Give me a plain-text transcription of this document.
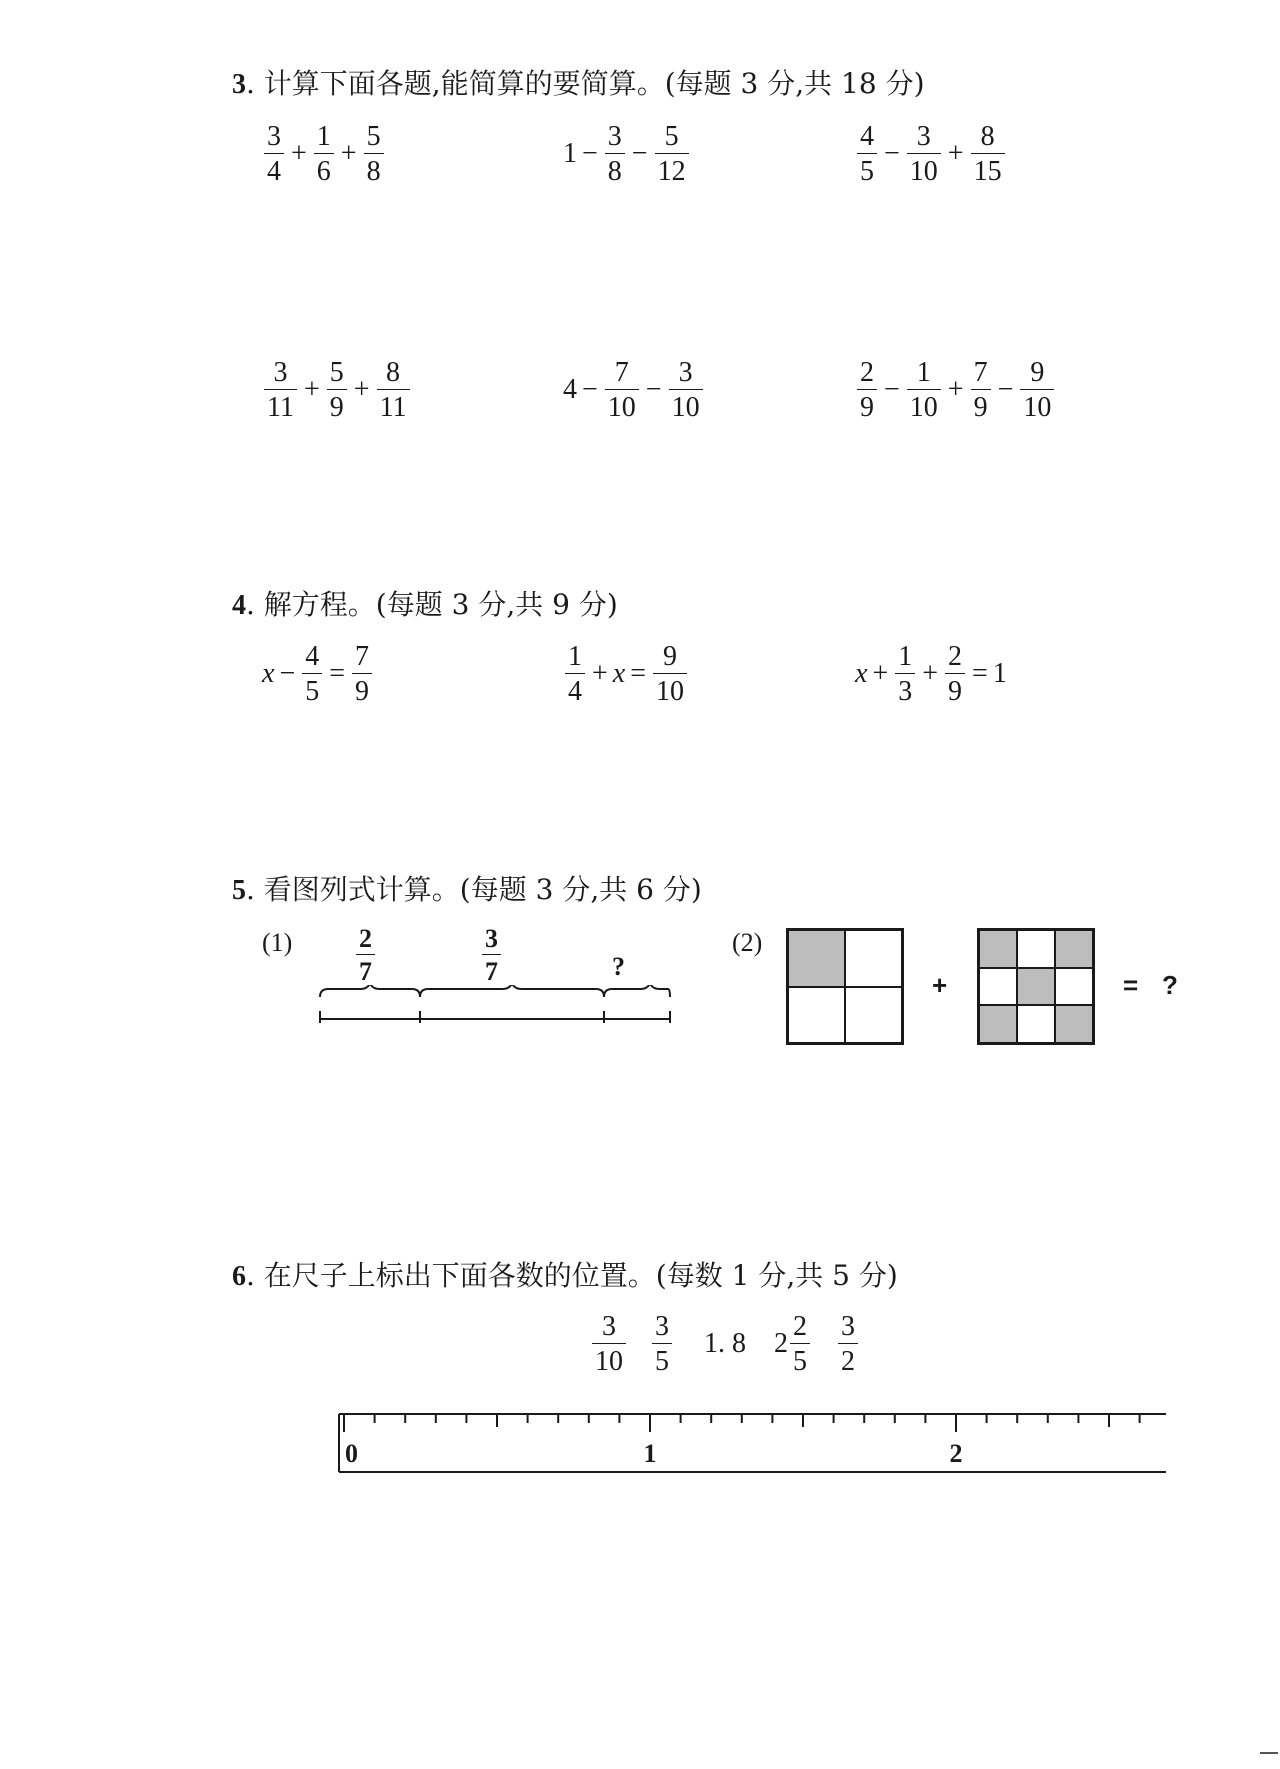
3. 计算下面各题,能简算的要简算。(每题 3 分,共 18 分)
$\frac{3}{4} + \frac{1}{6} + \frac{5}{8}$	$1 - \frac{3}{8} - \frac{5}{12}$	$\frac{4}{5} - \frac{3}{10} + \frac{8}{15}$
$\frac{3}{11} + \frac{5}{9} + \frac{8}{11}$	$4 - \frac{7}{10} - \frac{3}{10}$	$\frac{2}{9} - \frac{1}{10} + \frac{7}{9} - \frac{9}{10}$
4. 解方程。(每题 3 分,共 9 分)
$x - \frac{4}{5} = \frac{7}{9}$	$\frac{1}{4} + x = \frac{9}{10}$	$x + \frac{1}{3} + \frac{2}{9} = 1$
5. 看图列式计算。(每题 3 分,共 6 分)
$(1) \frac{2}{7}$	$\frac{3}{7}$	?
(2)
+	= ?
6. 在尺子上标出下面各数的位置。(每数 1 分,共 5 分)
$\frac{3}{10} \frac{3}{5} 1$. 8 $2 \frac{2}{5} \frac{3}{2}$
0	1	2
